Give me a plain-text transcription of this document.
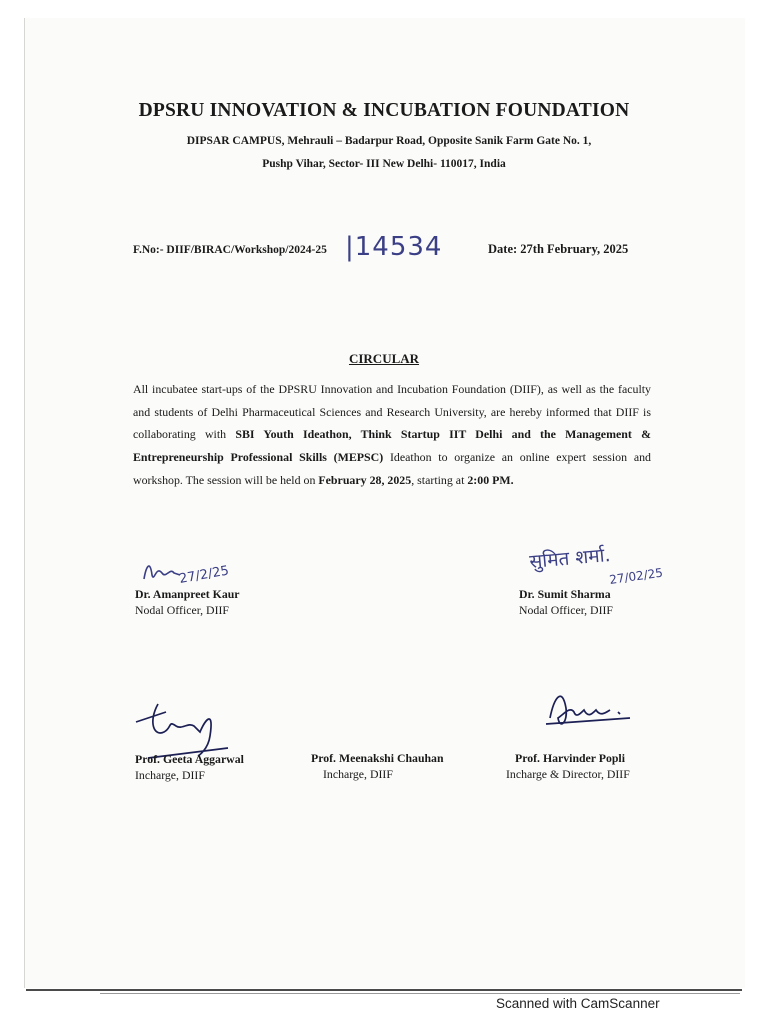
DPSRU INNOVATION & INCUBATION FOUNDATION
DIPSAR CAMPUS, Mehrauli – Badarpur Road, Opposite Sanik Farm Gate No. 1,
Pushp Vihar, Sector- III New Delhi- 110017, India
F.No:- DIIF/BIRAC/Workshop/2024-25 |14534	Date: 27th February, 2025
CIRCULAR
All incubatee start-ups of the DPSRU Innovation and Incubation Foundation (DIIF), as well as the faculty and students of Delhi Pharmaceutical Sciences and Research University, are hereby informed that DIIF is collaborating with SBI Youth Ideathon, Think Startup IIT Delhi and the Management & Entrepreneurship Professional Skills (MEPSC) Ideathon to organize an online expert session and workshop. The session will be held on February 28, 2025, starting at 2:00 PM.
27/2/25
सुमित शर्मा.
27/02/25
Dr. Amanpreet Kaur
Nodal Officer, DIIF
Dr. Sumit Sharma
Nodal Officer, DIIF
Prof. Geeta Aggarwal
Incharge, DIIF
Prof. Meenakshi Chauhan
Incharge, DIIF
Prof. Harvinder Popli
Incharge & Director, DIIF
Scanned with CamScanner
